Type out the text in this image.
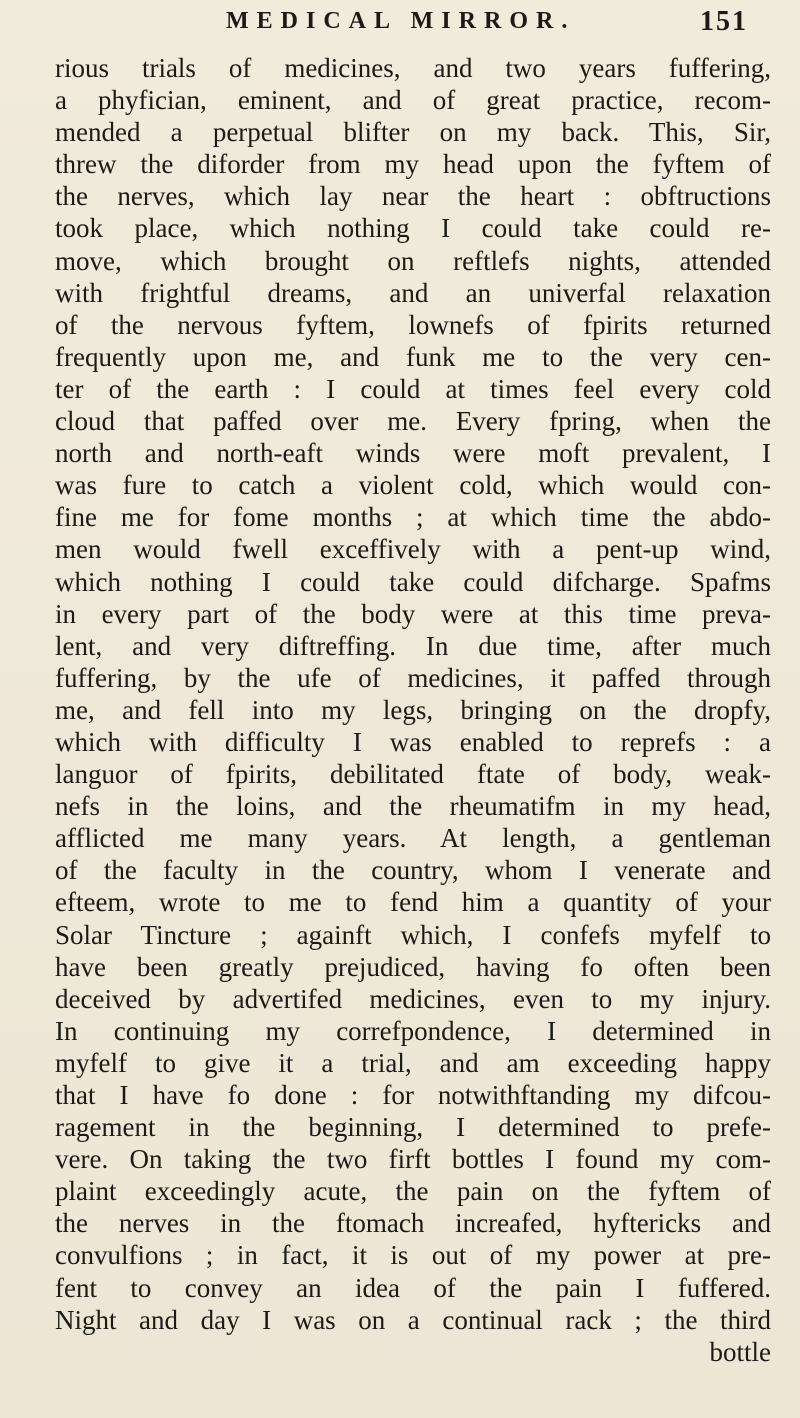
MEDICAL MIRROR.	151
rious trials of medicines, and two years fuffering,
a phyfician, eminent, and of great practice, recom-
mended a perpetual blifter on my back. This, Sir,
threw the diforder from my head upon the fyftem of
the nerves, which lay near the heart : obftructions
took place, which nothing I could take could re-
move, which brought on reftlefs nights, attended
with frightful dreams, and an univerfal relaxation
of the nervous fyftem, lownefs of fpirits returned
frequently upon me, and funk me to the very cen-
ter of the earth : I could at times feel every cold
cloud that paffed over me. Every fpring, when the
north and north-eaft winds were moft prevalent, I
was fure to catch a violent cold, which would con-
fine me for fome months ; at which time the abdo-
men would fwell exceffively with a pent-up wind,
which nothing I could take could difcharge. Spafms
in every part of the body were at this time preva-
lent, and very diftreffing. In due time, after much
fuffering, by the ufe of medicines, it paffed through
me, and fell into my legs, bringing on the dropfy,
which with difficulty I was enabled to reprefs : a
languor of fpirits, debilitated ftate of body, weak-
nefs in the loins, and the rheumatifm in my head,
afflicted me many years. At length, a gentleman
of the faculty in the country, whom I venerate and
efteem, wrote to me to fend him a quantity of your
Solar Tincture ; againft which, I confefs myfelf to
have been greatly prejudiced, having fo often been
deceived by advertifed medicines, even to my injury.
In continuing my correfpondence, I determined in
myfelf to give it a trial, and am exceeding happy
that I have fo done : for notwithftanding my difcou-
ragement in the beginning, I determined to prefe-
vere. On taking the two firft bottles I found my com-
plaint exceedingly acute, the pain on the fyftem of
the nerves in the ftomach increafed, hyftericks and
convulfions ; in fact, it is out of my power at pre-
fent to convey an idea of the pain I fuffered.
Night and day I was on a continual rack ; the third
bottle
